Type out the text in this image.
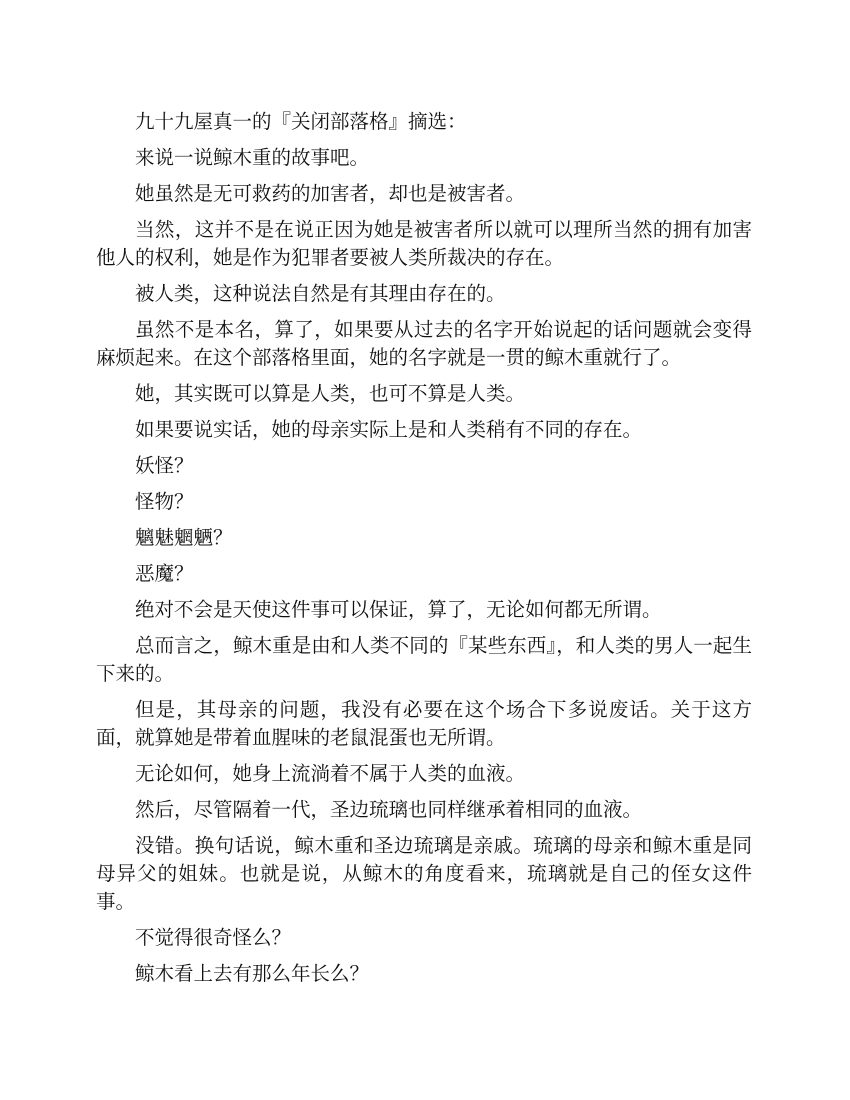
九十九屋真一的『关闭部落格』摘选：

来说一说鲸木重的故事吧。

她虽然是无可救药的加害者，却也是被害者。

当然，这并不是在说正因为她是被害者所以就可以理所当然的拥有加害他人的权利，她是作为犯罪者要被人类所裁决的存在。

被人类，这种说法自然是有其理由存在的。

虽然不是本名，算了，如果要从过去的名字开始说起的话问题就会变得麻烦起来。在这个部落格里面，她的名字就是一贯的鲸木重就行了。

她，其实既可以算是人类，也可不算是人类。

如果要说实话，她的母亲实际上是和人类稍有不同的存在。

妖怪？

怪物？

魑魅魍魉？

恶魔？

绝对不会是天使这件事可以保证，算了，无论如何都无所谓。

总而言之，鲸木重是由和人类不同的『某些东西』，和人类的男人一起生下来的。

但是，其母亲的问题，我没有必要在这个场合下多说废话。关于这方面，就算她是带着血腥味的老鼠混蛋也无所谓。

无论如何，她身上流淌着不属于人类的血液。

然后，尽管隔着一代，圣边琉璃也同样继承着相同的血液。

没错。换句话说，鲸木重和圣边琉璃是亲戚。琉璃的母亲和鲸木重是同母异父的姐妹。也就是说，从鲸木的角度看来，琉璃就是自己的侄女这件事。

不觉得很奇怪么？

鲸木看上去有那么年长么？
